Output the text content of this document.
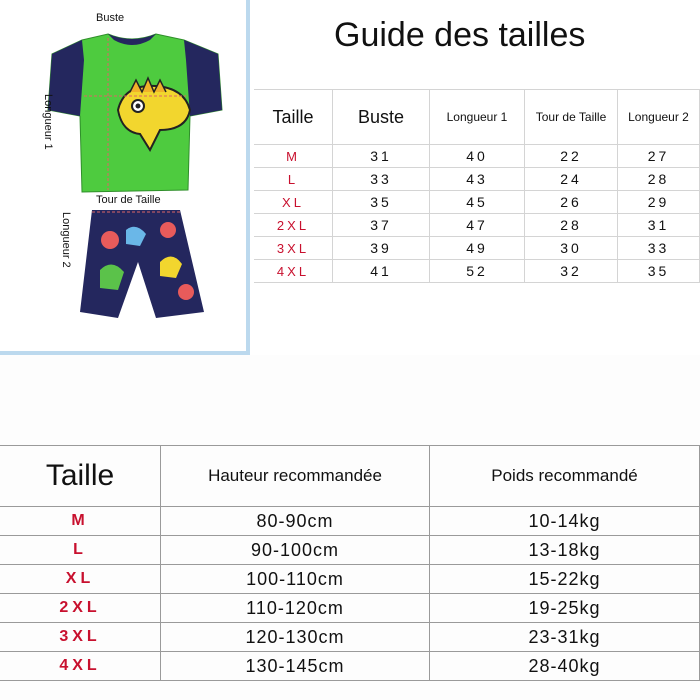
Buste
Tour de Taille
Longueur 1
Longueur 2
Guide des tailles
Taille	Buste	Longueur 1	Tour de Taille	Longueur 2
M	31	40	22	27
L	33	43	24	28
XL	35	45	26	29
2XL	37	47	28	31
3XL	39	49	30	33
4XL	41	52	32	35
Taille	Hauteur recommandée	Poids recommandé
M	80-90cm	10-14kg
L	90-100cm	13-18kg
XL	100-110cm	15-22kg
2XL	110-120cm	19-25kg
3XL	120-130cm	23-31kg
4XL	130-145cm	28-40kg
